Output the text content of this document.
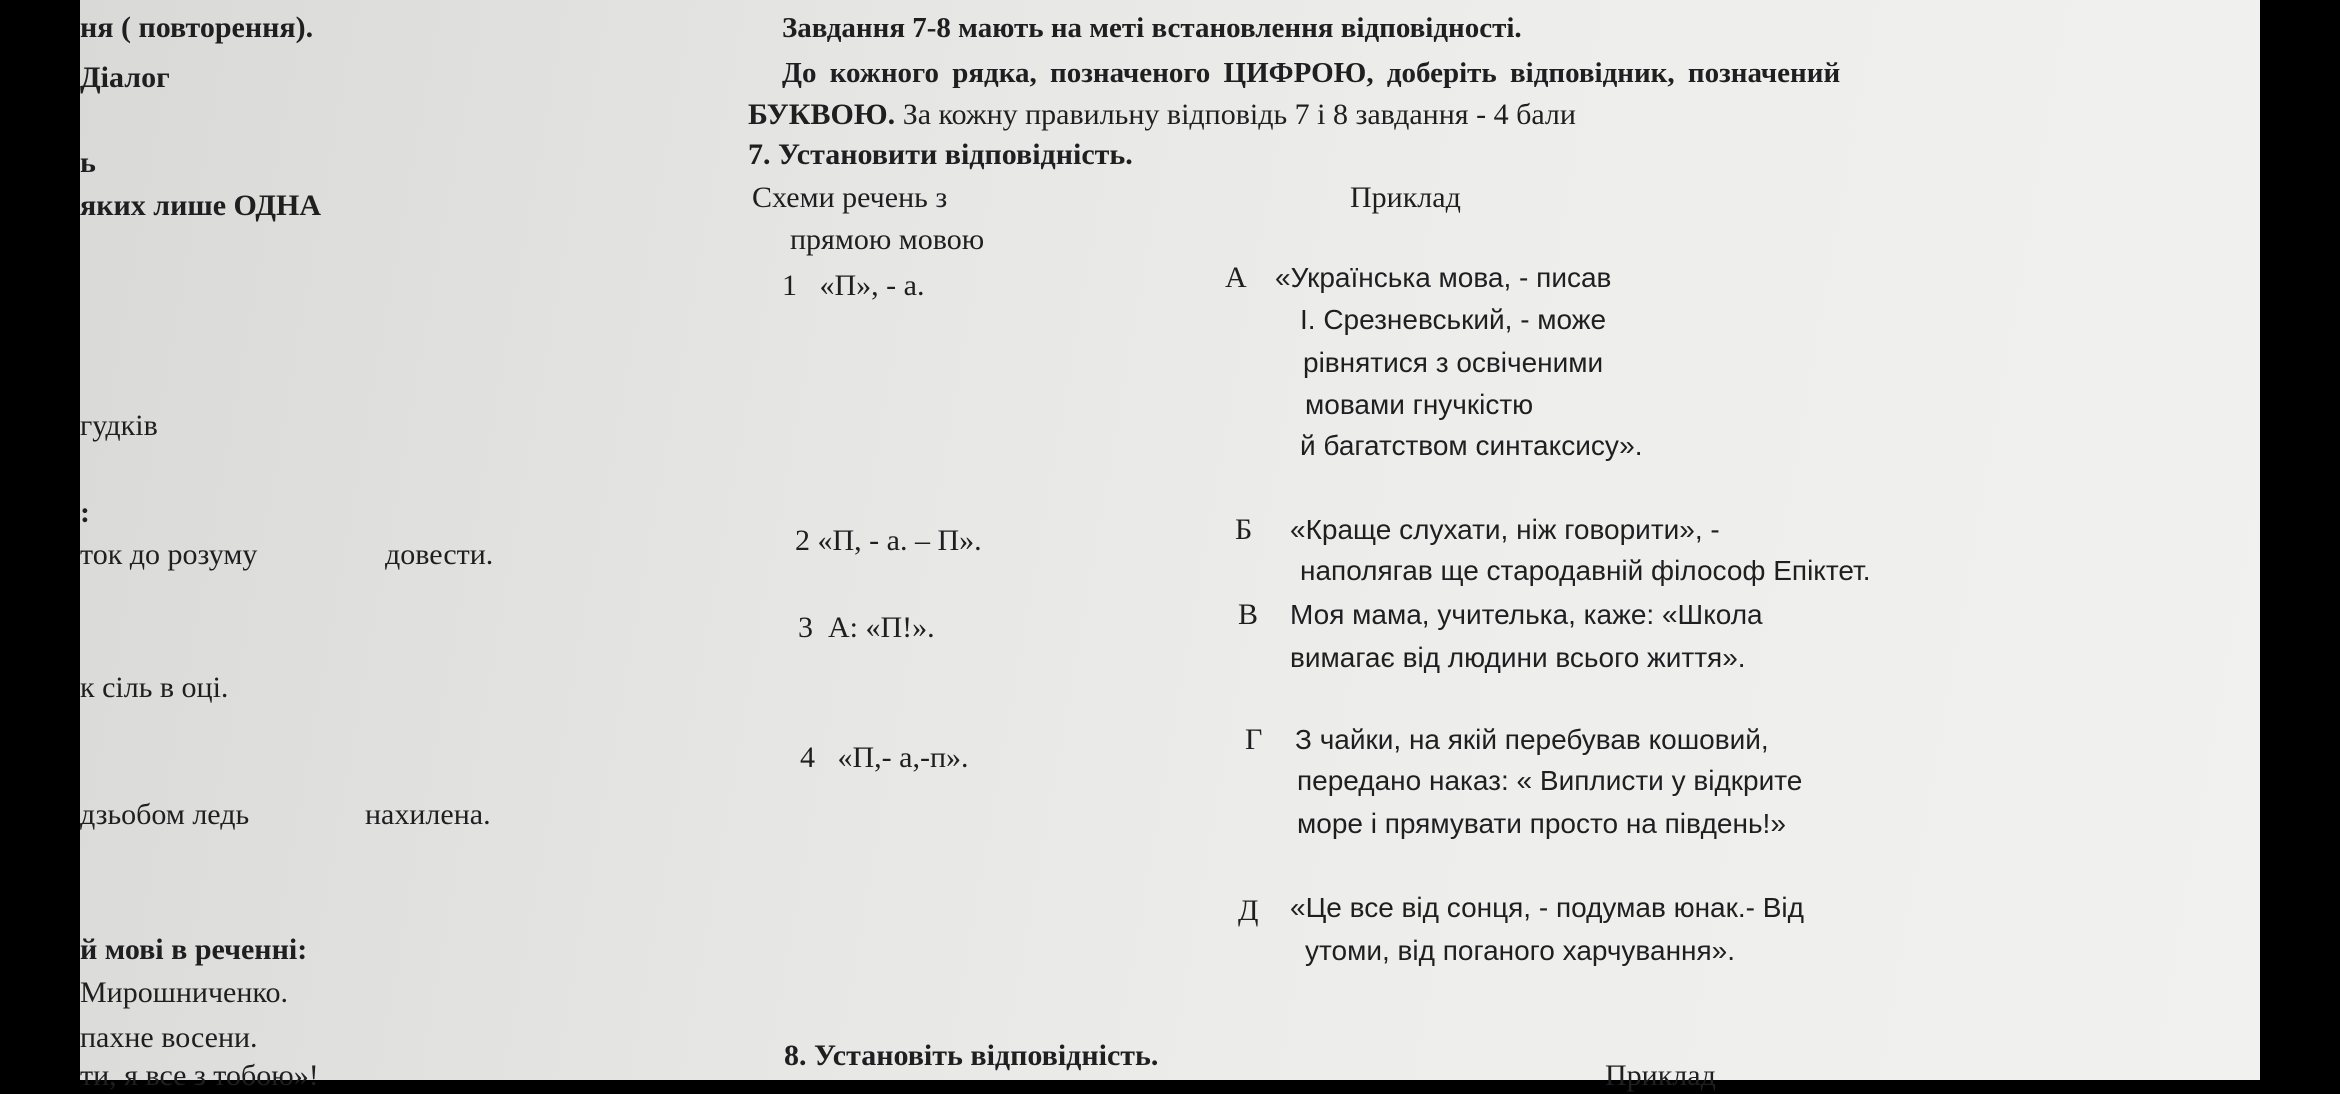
ня ( повторення).
Діалог
ь
яких лише ОДНА
гудків
:
ток до розуму	довести.
к сіль в оці.
дзьобом ледь	нахилена.
й мові в реченні:
Мирошниченко.
пахне восени.
ти, я все з тобою»!
Завдання 7-8 мають на меті встановлення відповідності.
До кожного рядка, позначеного ЦИФРОЮ, доберіть відповідник, позначений
БУКВОЮ. За кожну правильну відповідь 7 і 8 завдання - 4 бали
7. Установити відповідність.
Схеми речень з
прямою мовою
Приклад
1 «П», - а.
2 «П, - а. – П».
3 А: «П!».
4 «П,- а,-п».
А «Українська мова, - писав
І. Срезневський, - може
рівнятися з освіченими
мовами гнучкістю
й багатством синтаксису».
Б «Краще слухати, ніж говорити», -
наполягав ще стародавній філософ Епіктет.
В Моя мама, учителька, каже: «Школа
вимагає від людини всього життя».
Г З чайки, на якій перебував кошовий,
передано наказ: « Виплисти у відкрите
море і прямувати просто на південь!»
Д «Це все від сонця, - подумав юнак.- Від
утоми, від поганого харчування».
8. Установіть відповідність.
Приклад
